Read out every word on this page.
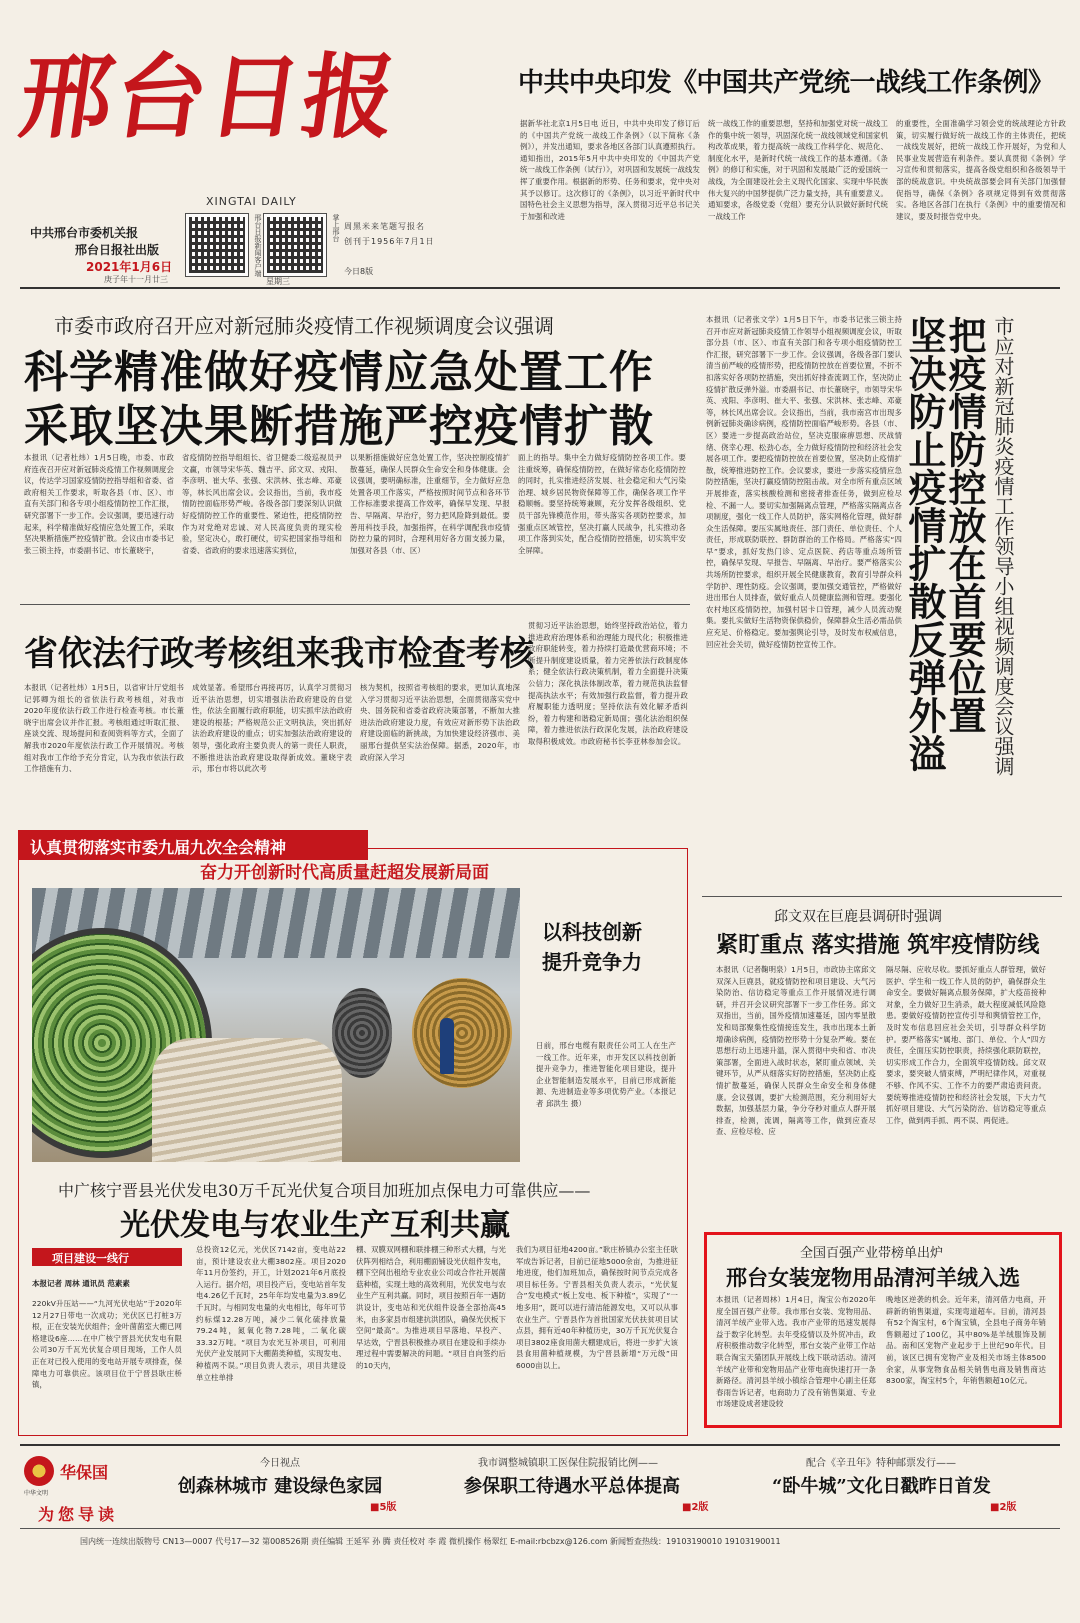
邢台日报
XINGTAI DAILY
中共邢台市委机关报
邢台日报社出版
2021年1月6日
庚子年十一月廿三
邢台日报新闻客户端	掌上邢台
星期三
周黑米来笔题写报名
创刊于1956年7月1日
今日8版
中共中央印发《中国共产党统一战线工作条例》
据新华社北京1月5日电 近日，中共中央印发了修订后的《中国共产党统一战线工作条例》（以下简称《条例》），并发出通知，要求各地区各部门认真遵照执行。通知指出，2015年5月中共中央印发的《中国共产党统一战线工作条例（试行）》，对巩固和发展统一战线发挥了重要作用。根据新的形势、任务和要求，党中央对其予以修订。这次修订的《条例》，以习近平新时代中国特色社会主义思想为指导，深入贯彻习近平总书记关于加强和改进
统一战线工作的重要思想，坚持和加强党对统一战线工作的集中统一领导，巩固深化统一战线领域党和国家机构改革成果，着力提高统一战线工作科学化、规范化、制度化水平，是新时代统一战线工作的基本遵循。《条例》的修订和实施，对于巩固和发展最广泛的爱国统一战线，为全面建设社会主义现代化国家、实现中华民族伟大复兴的中国梦提供广泛力量支持，具有重要意义。通知要求，各级党委（党组）要充分认识做好新时代统一战线工作
的重要性，全面准确学习领会党的统战理论方针政策，切实履行做好统一战线工作的主体责任，把统一战线发展好，把统一战线工作开展好，为党和人民事业发展营造有利条件。要认真贯彻《条例》学习宣传和贯彻落实，提高各级党组织和各级领导干部的统战意识。中央统战部要会同有关部门加强督促指导，确保《条例》各项规定得到有效贯彻落实。各地区各部门在执行《条例》中的重要情况和建议，要及时报告党中央。
市委市政府召开应对新冠肺炎疫情工作视频调度会议强调
科学精准做好疫情应急处置工作
采取坚决果断措施严控疫情扩散
本报讯（记者杜炜）1月5日晚，市委、市政府连夜召开应对新冠肺炎疫情工作视频调度会议，传达学习国家疫情防控指导组和省委、省政府相关工作要求，听取各县（市、区）、市直有关部门和各专项小组疫情防控工作汇报，研究部署下一步工作。会议强调，要迅速行动起来，科学精准做好疫情应急处置工作，采取坚决果断措施严控疫情扩散。会议由市委书记张三锁主持，市委副书记、市长董晓宇，
省疫情防控指导组组长、省卫健委二级巡视员尹文赢，市领导宋华英、魏吉平、邱文双、戎阳、李彦明、崔大华、张强、宋洪林、张志峰、邓豪等，林长风出席会议。会议指出，当前，我市疫情防控面临形势严峻。各级各部门要深刻认识做好疫情防控工作的重要性、紧迫性，把疫情防控作为对党绝对忠诚、对人民高度负责的现实检验，坚定决心，敢打硬仗，切实把国家指导组和省委、省政府的要求迅速落实到位，
以果断措施做好应急处置工作，坚决控制疫情扩散蔓延，确保人民群众生命安全和身体健康。会议强调，要明确标准，注重细节，全力做好应急处置各项工作落实，严格按照时间节点和各环节工作标准要求提高工作效率，确保早发现、早报告、早隔离、早治疗，努力把风险降到最低。要善用科技手段，加强指挥，在科学调配我市疫情防控力量的同时，合理利用好各方面支援力量，加强对各县（市、区）
面上的指导。集中全力做好疫情防控各项工作。要注重统筹，确保疫情防控，在做好常态化疫情防控的同时，扎实推进经济发展、社会稳定和大气污染治理、城乡居民物资保障等工作，确保各项工作平稳顺畅。要坚持统筹兼顾，充分发挥各级组织、党员干部先锋模范作用，带头落实各项防控要求，加强重点区域管控，坚决打赢人民战争，扎实推动各项工作落到实处，配合疫情防控措施，切实筑牢安全屏障。
本报讯（记者张文学）1月5日下午，市委书记张三锁主持召开市应对新冠肺炎疫情工作领导小组视频调度会议，听取部分县（市、区）、市直有关部门和各专项小组疫情防控工作汇报，研究部署下一步工作。会议强调，各级各部门要认清当前严峻的疫情形势，把疫情防控放在首要位置，不折不扣落实好各项防控措施，突出抓好排查流调工作，坚决防止疫情扩散反弹外溢。市委副书记、市长董晓宇，市领导宋华英、戎阳、李彦明、崔大平、张强、宋洪林、张志峰、邓豪等，林长风出席会议。会议指出，当前，我市南宫市出现多例新冠肺炎确诊病例，疫情防控面临严峻形势。各县（市、区）要进一步提高政治站位，坚决克服麻痹思想、厌战情绪、侥幸心理、松劲心态，全力做好疫情防控和经济社会发展各项工作。要把疫情防控放在首要位置，坚决防止疫情扩散，统筹推进防控工作。会议要求，要进一步落实疫情应急防控措施，坚决打赢疫情防控阻击战。对全市所有重点区域开展排查，落实核酸检测和密接者排查任务，做到应检尽检、不漏一人。要切实加强隔离点管理，严格落实隔离点各项制度，强化一线工作人员防护，落实网格化管理，做好群众生活保障。要压实属地责任、部门责任、单位责任、个人责任，形成联防联控、群防群治的工作格局。严格落实“四早”要求，抓好发热门诊、定点医院、药店等重点场所管控，确保早发现、早报告、早隔离、早治疗。要严格落实公共场所防控要求，组织开展全民健康教育，教育引导群众科学防护、理性防疫。会议强调，要加强交通管控，严格做好进出邢台人员排查，做好重点人员健康监测和管理。要强化农村地区疫情防控，加强村居卡口管理，减少人员流动聚集。要扎实做好生活物资保供稳价，保障群众生活必需品供应充足、价格稳定。要加强舆论引导，及时发布权威信息，回应社会关切，做好疫情防控宣传工作。	把疫情防控放在首要位置
坚决防止疫情扩散反弹外溢 市应对新冠肺炎疫情工作领导小组视频调度会议强调
省依法行政考核组来我市检查考核
本报讯（记者杜炜）1月5日，以省审计厅党组书记郭卿为组长的省依法行政考核组，对我市2020年度依法行政工作进行检查考核。市长董晓宇出席会议并作汇报。考核组通过听取汇报、座谈交流、现场提问和查阅资料等方式，全面了解我市2020年度依法行政工作开展情况。考核组对我市工作给予充分肯定，认为我市依法行政工作措施有力、
成效显著。希望邢台再接再厉，认真学习贯彻习近平法治思想，切实增强法治政府建设的自觉性，依法全面履行政府职能，切实抓牢法治政府建设的根基；严格规范公正文明执法，突出抓好法治政府建设的重点；切实加强法治政府建设的领导，强化政府主要负责人的第一责任人职责，不断推进法治政府建设取得新成效。董晓宇表示，邢台市将以此次考
核为契机，按照省考核组的要求，更加认真地深入学习贯彻习近平法治思想，全面贯彻落实党中央、国务院和省委省政府决策部署，不断加大推进法治政府建设力度，有效应对新形势下法治政府建设面临的新挑战，为加快建设经济强市、美丽邢台提供坚实法治保障。据悉，2020年，市政府深入学习
贯彻习近平法治思想，始终坚持政治站位，着力推进政府治理体系和治理能力现代化；积极推进政府职能转变，着力持续打造最优营商环境；不断提升制度建设质量，着力完善依法行政制度体系；健全依法行政决策机制，着力全面提升决策公信力；深化执法体制改革，着力规范执法监督提高执法水平；有效加强行政监督，着力提升政府履职能力透明度；坚持依法有效化解矛盾纠纷，着力构建和谐稳定新局面；强化法治组织保障，着力推进依法行政深化发展，法治政府建设取得积极成效。市政府秘书长李亚林参加会议。
认真贯彻落实市委九届九次全会精神
奋力开创新时代高质量赶超发展新局面
以科技创新
提升竞争力
日前，邢台电缆有限责任公司工人在生产一线工作。近年来，市开发区以科技创新提升竞争力，推进智能化项目建设，提升企业智能制造发展水平，目前已形成新能源、先进制造业等多项优势产业。（本报记者 邱洪生 摄）
中广核宁晋县光伏发电30万千瓦光伏复合项目加班加点保电力可靠供应——
光伏发电与农业生产互利共赢
项目建设一线行
本报记者 周林 通讯员 范素素
220kV升压站——“九河光伏电站”于2020年12月27日带电一次成功；光伏区已打桩3万根，正在安装光伏组件；金叶菌菌室大棚已网格建设6座……在中广核宁晋县光伏发电有限公司30万千瓦光伏复合项目现场，工作人员正在对已投入使用的变电站开展专项排查，保障电力可靠供应。该项目位于宁晋县耿庄桥镇，
总投资12亿元，光伏区7142亩，变电站22亩，预计建设农业大棚3802座。项目2020年11月份签约，开工，计划2021年6月底投入运行。据介绍，项目投产后，变电站首年发电4.26亿千瓦时，25年年均发电量为3.89亿千瓦时。与相同发电量的火电相比，每年可节约标煤12.28万吨，减少二氧化硫排放量79.24吨，氮氧化物7.28吨，二氧化碳33.32万吨。“项目为农光互补项目，可利用光伏产业发展同下大棚菌类种植，实现发电、种植两不误。”项目负责人表示，项目共建设单立柱单排
棚、双膜双网棚和联排棚三种形式大棚，与光伏阵列相结合，利用棚面铺设光伏组件发电，棚下空间出租给专业农业公司或合作社开展菌菇种植，实现土地的高效利用，光伏发电与农业生产互利共赢。同时，项目按照百年一遇防洪设计，变电站和光伏组件设备全部抬高45米，由多家县市组建抗洪团队，确保光伏板下空间“最高”。为推进项目早落地、早投产、早达效，宁晋县积极推办项目在建设和手续办理过程中需要解决的问题。“项目自向签约后的10天内，
我们为项目征地4200亩。”耿庄桥镇办公室主任耿军成告诉记者，目前已征地5000余亩，为推进征地进度，他们加班加点，确保按时间节点完成各项目标任务。宁晋县相关负责人表示，“光伏复合”发电模式“板上发电、板下种植”，实现了“一地多用”，既可以进行清洁能源发电，又可以从事农业生产。宁晋县作为首批国家光伏扶贫项目试点县，拥有近40年种植历史，30万千瓦光伏复合项目3802座食用菌大棚建成后，将进一步扩大该县食用菌种植规模，为宁晋县新增“万元级”田6000亩以上。
邱文双在巨鹿县调研时强调
紧盯重点 落实措施 筑牢疫情防线
本报讯（记者鞠明泉）1月5日，市政协主席邱文双深入巨鹿县，就疫情防控和项目建设、大气污染防治、信访稳定等重点工作开展情况进行调研，并召开会议研究部署下一步工作任务。邱文双指出，当前，国外疫情加速蔓延，国内零星散发和局部聚集性疫情接连发生，我市出现本土新增确诊病例，疫情防控形势十分复杂严峻。要在思想行动上迅速升温，深入贯彻中央和省、市决策部署，全面进入战时状态，紧盯重点领域、关键环节，从严从细落实好防控措施，坚决防止疫情扩散蔓延，确保人民群众生命安全和身体健康。会议强调，要扩大检测范围，充分利用好大数据，加强基层力量，争分夺秒对重点人群开展排查，检测，流调，隔离等工作，做到应查尽查、应检尽检、应
隔尽隔、应收尽收。要抓好重点人群管理，做好医护、学生和一线工作人员的防护，确保群众生命安全。要做好隔离点服务保障，扩大疫苗接种对象，全力做好卫生消杀，最大程度减低风险隐患。要做好疫情防控宣传引导和舆情管控工作，及时发布信息回应社会关切，引导群众科学防护。要严格落实“属地、部门、单位、个人”四方责任，全面压实防控职责，持续强化联防联控，切实形成工作合力，全面筑牢疫情防线。邱文双要求，要突破人情束缚，严明纪律作风，对重视不够、作风不实、工作不力的要严肃追责问责。要统筹推进疫情防控和经济社会发展，下大力气抓好项目建设、大气污染防治、信访稳定等重点工作，做到两手抓、两不误、两促进。
全国百强产业带榜单出炉
邢台女装宠物用品清河羊绒入选
本报讯（记者周林）1月4日，淘宝公布2020年度全国百强产业带。我市邢台女装、宠物用品、清河羊绒产业带入选。我市产业带的迅速发展得益于数字化转型。去年受疫情以及外贸冲击，政府积极推动数字化转型，邢台女装产业带工作站联合淘宝天猫团队开展线上线下联动活动。清河羊绒产业带和宠物用品产业带电商快速打开一条新路径。清河县羊绒小镇综合管理中心副主任郑春雨告诉记者，电商助力了没有销售渠道、专业市场建设成者建设较
晚地区逆袭的机会。近年来，清河借力电商，开辟新的销售渠道，实现弯道超车。目前，清河县有52个淘宝村，6个淘宝镇，全县电子商务年销售额超过了100亿，其中80%是羊绒服饰及制品。南和区宠物产业起步于上世纪90年代。目前，该区已拥有宠物产业及相关市场主体8500余家，从事宠物食品相关销售电商及销售商达8300家，淘宝村5个，年销售额超10亿元。
中华文明
华保国
为您导读
今日视点
创森林城市 建设绿色家园
■5版
我市调整城镇职工医保住院报销比例——
参保职工待遇水平总体提高
■2版
配合《辛丑年》特种邮票发行——
“卧牛城”文化日戳昨日首发
■2版
国内统一连续出版物号 CN13—0007 代号17—32 第008526期 责任编辑 王延军 孙 腾 责任校对 李 霞 微机操作 杨翠红 E-mail:rbcbzx@126.com 新闻暂查热线：19103190010 19103190011
